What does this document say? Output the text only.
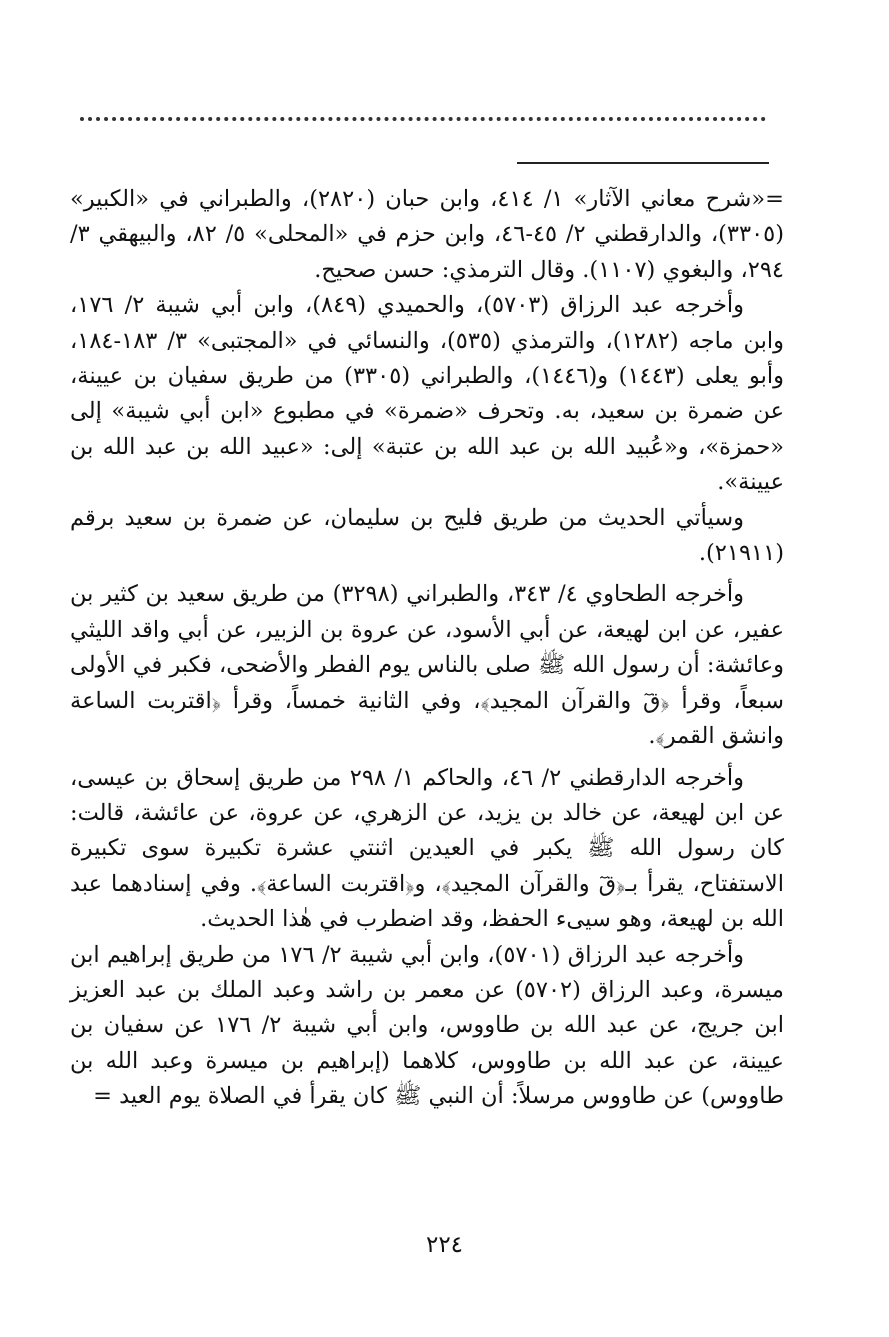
=«شرح معاني الآثار» ١/ ٤١٤، وابن حبان (٢٨٢٠)، والطبراني في «الكبير» (٣٣٠٥)، والدارقطني ٢/ ٤٥-٤٦، وابن حزم في «المحلى» ٥/ ٨٢، والبيهقي ٣/ ٢٩٤، والبغوي (١١٠٧). وقال الترمذي: حسن صحيح.

وأخرجه عبد الرزاق (٥٧٠٣)، والحميدي (٨٤٩)، وابن أبي شيبة ٢/ ١٧٦، وابن ماجه (١٢٨٢)، والترمذي (٥٣٥)، والنسائي في «المجتبى» ٣/ ١٨٣-١٨٤، وأبو يعلى (١٤٤٣) و(١٤٤٦)، والطبراني (٣٣٠٥) من طريق سفيان بن عيينة، عن ضمرة بن سعيد، به. وتحرف «ضمرة» في مطبوع «ابن أبي شيبة» إلى «حمزة»، و«عُبيد الله بن عبد الله بن عتبة» إلى: «عبيد الله بن عبد الله بن عيينة».

وسيأتي الحديث من طريق فليح بن سليمان، عن ضمرة بن سعيد برقم (٢١٩١١).

وأخرجه الطحاوي ٤/ ٣٤٣، والطبراني (٣٢٩٨) من طريق سعيد بن كثير بن عفير، عن ابن لهيعة، عن أبي الأسود، عن عروة بن الزبير، عن أبي واقد الليثي وعائشة: أن رسول الله ﷺ صلى بالناس يوم الفطر والأضحى، فكبر في الأولى سبعاً، وقرأ ﴿قٓ والقرآن المجيد﴾، وفي الثانية خمساً، وقرأ ﴿اقتربت الساعة وانشق القمر﴾.

وأخرجه الدارقطني ٢/ ٤٦، والحاكم ١/ ٢٩٨ من طريق إسحاق بن عيسى، عن ابن لهيعة، عن خالد بن يزيد، عن الزهري، عن عروة، عن عائشة، قالت: كان رسول الله ﷺ يكبر في العيدين اثنتي عشرة تكبيرة سوى تكبيرة الاستفتاح، يقرأ بـ﴿قٓ والقرآن المجيد﴾، و﴿اقتربت الساعة﴾. وفي إسنادهما عبد الله بن لهيعة، وهو سيىء الحفظ، وقد اضطرب في هٰذا الحديث.

وأخرجه عبد الرزاق (٥٧٠١)، وابن أبي شيبة ٢/ ١٧٦ من طريق إبراهيم ابن ميسرة، وعبد الرزاق (٥٧٠٢) عن معمر بن راشد وعبد الملك بن عبد العزيز ابن جريج، عن عبد الله بن طاووس، وابن أبي شيبة ٢/ ١٧٦ عن سفيان بن عيينة، عن عبد الله بن طاووس، كلاهما (إبراهيم بن ميسرة وعبد الله بن طاووس) عن طاووس مرسلاً: أن النبي ﷺ كان يقرأ في الصلاة يوم العيد =

٢٢٤
